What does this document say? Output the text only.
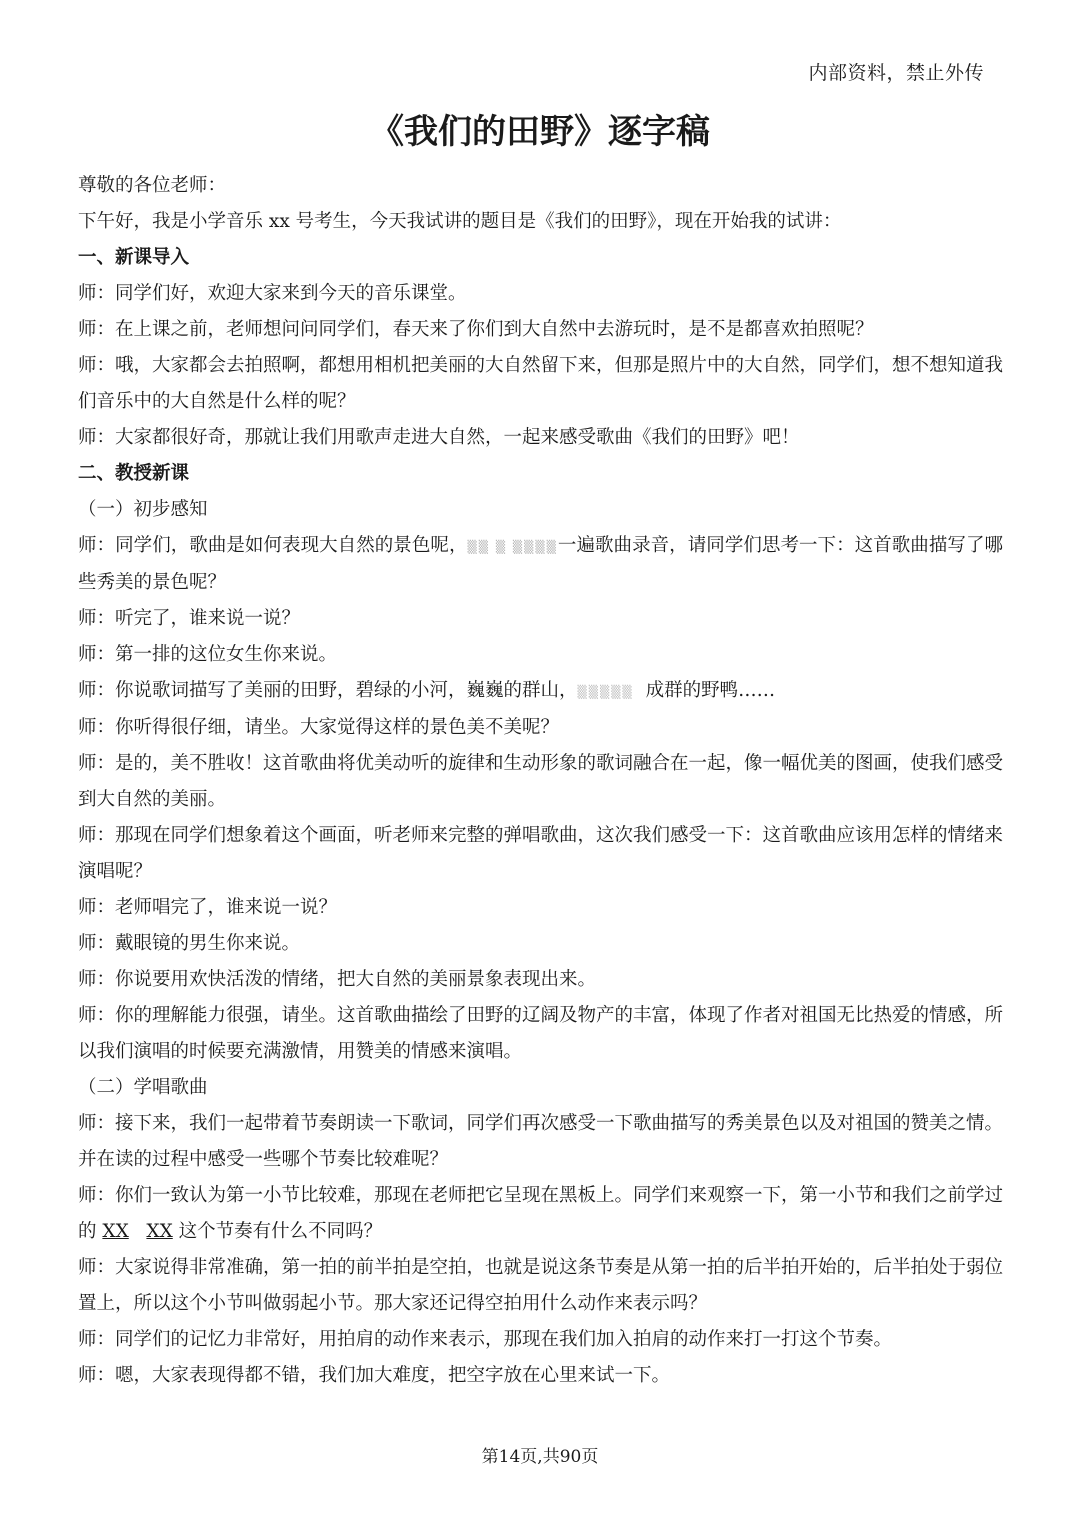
内部资料，禁止外传
《我们的田野》逐字稿

尊敬的各位老师：

下午好，我是小学音乐 xx 号考生，今天我试讲的题目是《我们的田野》，现在开始我的试讲：

一、新课导入

师：同学们好，欢迎大家来到今天的音乐课堂。

师：在上课之前，老师想问问同学们，春天来了你们到大自然中去游玩时，是不是都喜欢拍照呢？

师：哦，大家都会去拍照啊，都想用相机把美丽的大自然留下来，但那是照片中的大自然，同学们，想不想知道我们音乐中的大自然是什么样的呢？

师：大家都很好奇，那就让我们用歌声走进大自然，一起来感受歌曲《我们的田野》吧！

二、教授新课

（一）初步感知

师：同学们，歌曲是如何表现大自然的景色呢，▒▒ ▒ ▒▒▒▒一遍歌曲录音，请同学们思考一下：这首歌曲描写了哪些秀美的景色呢？

师：听完了，谁来说一说？

师：第一排的这位女生你来说。

师：你说歌词描写了美丽的田野，碧绿的小河，巍巍的群山，▒▒▒▒▒ 成群的野鸭……

师：你听得很仔细，请坐。大家觉得这样的景色美不美呢？

师：是的，美不胜收！这首歌曲将优美动听的旋律和生动形象的歌词融合在一起，像一幅优美的图画，使我们感受到大自然的美丽。

师：那现在同学们想象着这个画面，听老师来完整的弹唱歌曲，这次我们感受一下：这首歌曲应该用怎样的情绪来演唱呢？

师：老师唱完了，谁来说一说？

师：戴眼镜的男生你来说。

师：你说要用欢快活泼的情绪，把大自然的美丽景象表现出来。

师：你的理解能力很强，请坐。这首歌曲描绘了田野的辽阔及物产的丰富，体现了作者对祖国无比热爱的情感，所以我们演唱的时候要充满激情，用赞美的情感来演唱。

（二）学唱歌曲

师：接下来，我们一起带着节奏朗读一下歌词，同学们再次感受一下歌曲描写的秀美景色以及对祖国的赞美之情。并在读的过程中感受一些哪个节奏比较难呢？

师：你们一致认为第一小节比较难，那现在老师把它呈现在黑板上。同学们来观察一下，第一小节和我们之前学过的 XX XX 这个节奏有什么不同吗？

师：大家说得非常准确，第一拍的前半拍是空拍，也就是说这条节奏是从第一拍的后半拍开始的，后半拍处于弱位置上，所以这个小节叫做弱起小节。那大家还记得空拍用什么动作来表示吗？

师：同学们的记忆力非常好，用拍肩的动作来表示，那现在我们加入拍肩的动作来打一打这个节奏。

师：嗯，大家表现得都不错，我们加大难度，把空字放在心里来试一下。

第14页,共90页
